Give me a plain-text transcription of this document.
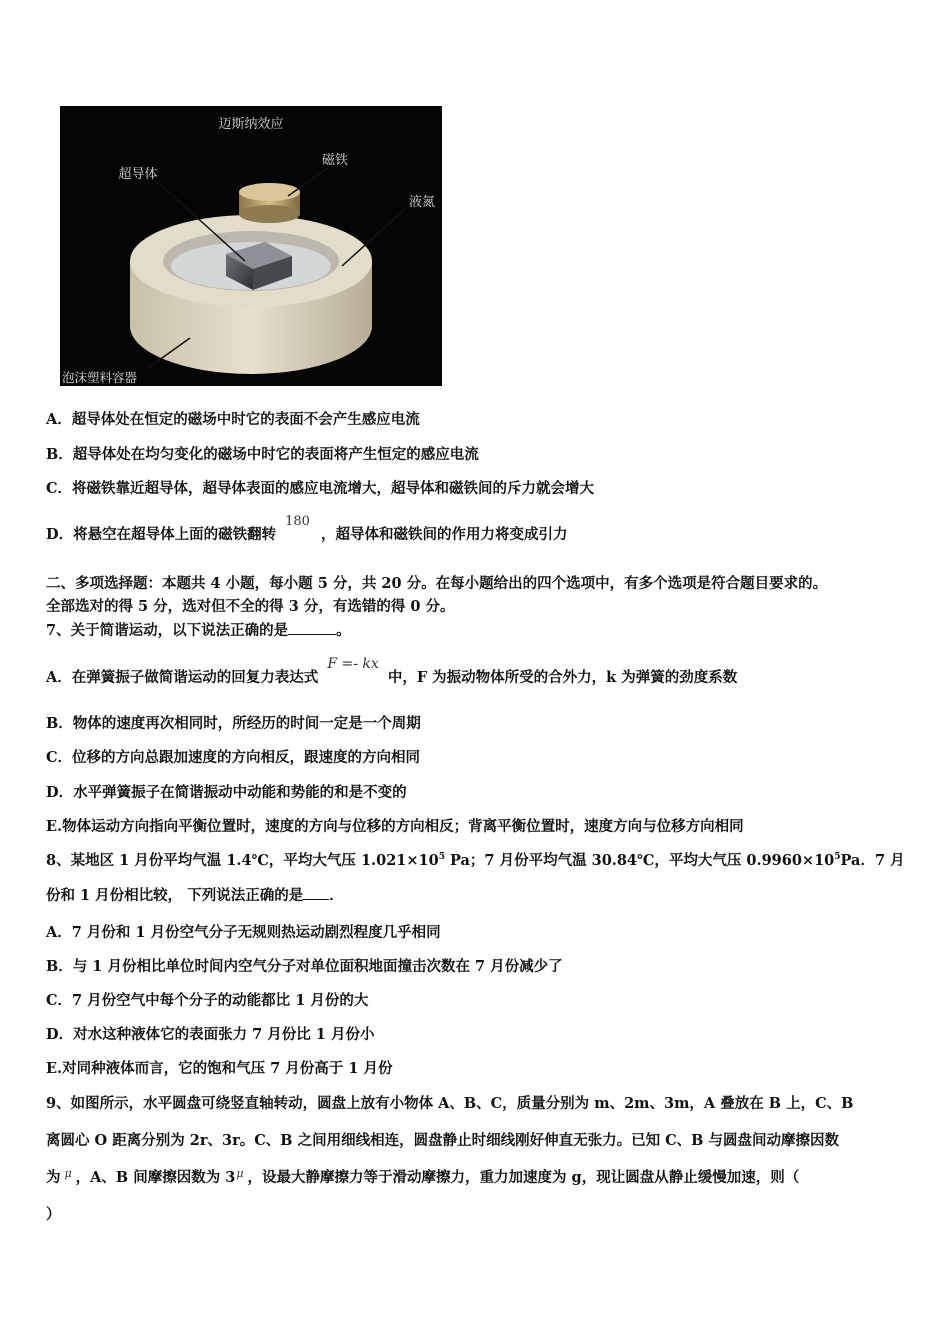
迈斯纳效应
超导体
磁铁
液氮
泡沫塑料容器
A．超导体处在恒定的磁场中时它的表面不会产生感应电流
B．超导体处在均匀变化的磁场中时它的表面将产生恒定的感应电流
C．将磁铁靠近超导体，超导体表面的感应电流增大，超导体和磁铁间的斥力就会增大
D．将悬空在超导体上面的磁铁翻转 180 ，超导体和磁铁间的作用力将变成引力
二、多项选择题：本题共 4 小题，每小题 5 分，共 20 分。在每小题给出的四个选项中，有多个选项是符合题目要求的。
全部选对的得 5 分，选对但不全的得 3 分，有选错的得 0 分。
7、关于简谐运动，以下说法正确的是	。
A．在弹簧振子做简谐运动的回复力表达式 F =- kx 中，F 为振动物体所受的合外力，k 为弹簧的劲度系数
B．物体的速度再次相同时，所经历的时间一定是一个周期
C．位移的方向总跟加速度的方向相反，跟速度的方向相同
D．水平弹簧振子在简谐振动中动能和势能的和是不变的
E.物体运动方向指向平衡位置时，速度的方向与位移的方向相反；背离平衡位置时，速度方向与位移方向相同
8、某地区 1 月份平均气温 1.4℃，平均大气压 $1.021\times 10^5$ Pa；7 月份平均气温 30.84℃，平均大气压 $0.9960\times 10^5Pa$．7 月
份和 1 月份相比较， 下列说法正确的是 ．
A．7 月份和 1 月份空气分子无规则热运动剧烈程度几乎相同
B．与 1 月份相比单位时间内空气分子对单位面积地面撞击次数在 7 月份减少了
C．7 月份空气中每个分子的动能都比 1 月份的大
D．对水这种液体它的表面张力 7 月份比 1 月份小
E.对同种液体而言，它的饱和气压 7 月份高于 1 月份
9、如图所示，水平圆盘可绕竖直轴转动，圆盘上放有小物体 A、B、C，质量分别为 m、2m、3m，A 叠放在 B 上，C、B
离圆心 O 距离分别为 2r、3r。C、B 之间用细线相连，圆盘静止时细线刚好伸直无张力。已知 C、B 与圆盘间动摩擦因数
为 $^\mu$ ，A、B 间摩擦因数为 $3^\mu$ ，设最大静摩擦力等于滑动摩擦力，重力加速度为 g，现让圆盘从静止缓慢加速，则（
）
